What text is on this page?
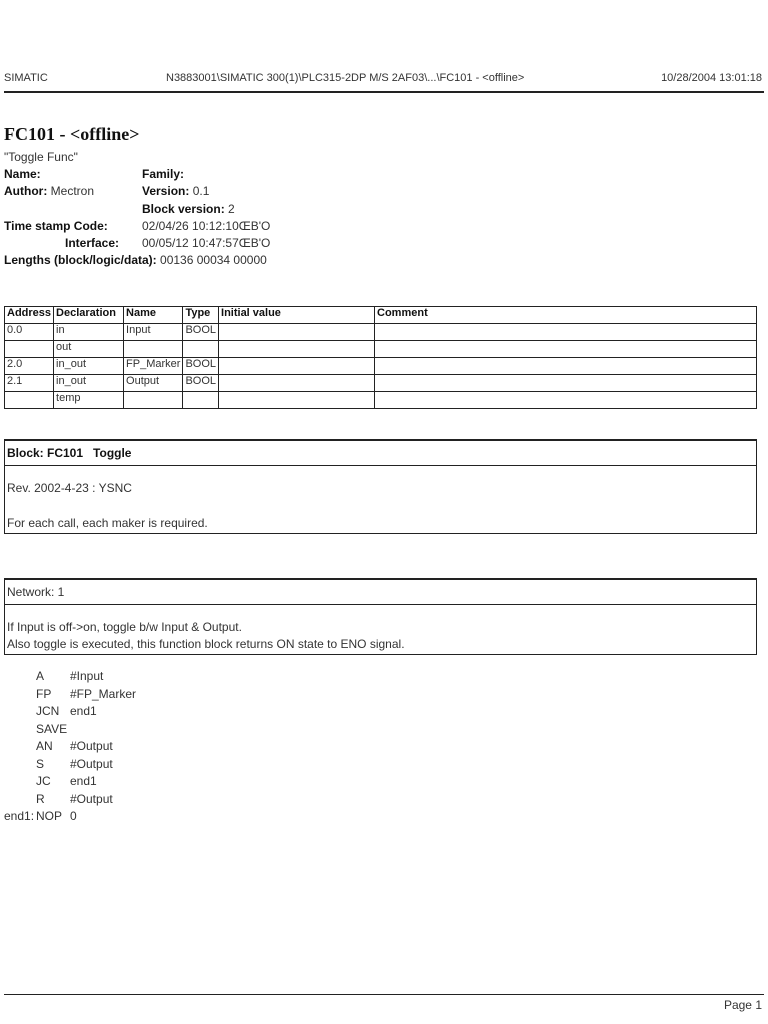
SIMATIC	N3883001\SIMATIC 300(1)\PLC315-2DP M/S 2AF03\...\FC101 - <offline>	10/28/2004 13:01:18
FC101 - <offline>
"Toggle Func"
Name:	Family:
Author: Mectron	Version: 0.1
Block version: 2
Time stamp Code:	02/04/26 10:12:10ŒB'O
Interface: 00/05/12 10:47:57ŒB'O
Lengths (block/logic/data): 00136 00034 00000
Address	Declaration	Name	Type	Initial value	Comment
0.0	in	Input	BOOL		
	out				
2.0	in_out	FP_Marker	BOOL		
2.1	in_out	Output	BOOL		
	temp				
Block: FC101 Toggle
Rev. 2002-4-23 : YSNC
For each call, each maker is required.
Network: 1
If Input is off->on, toggle b/w Input & Output.
Also toggle is executed, this function block returns ON state to ENO signal.
A #Input
FP #FP_Marker
JCN end1
SAVE
AN #Output
S #Output
JC end1
R #Output
end1: NOP 0
Page 1
